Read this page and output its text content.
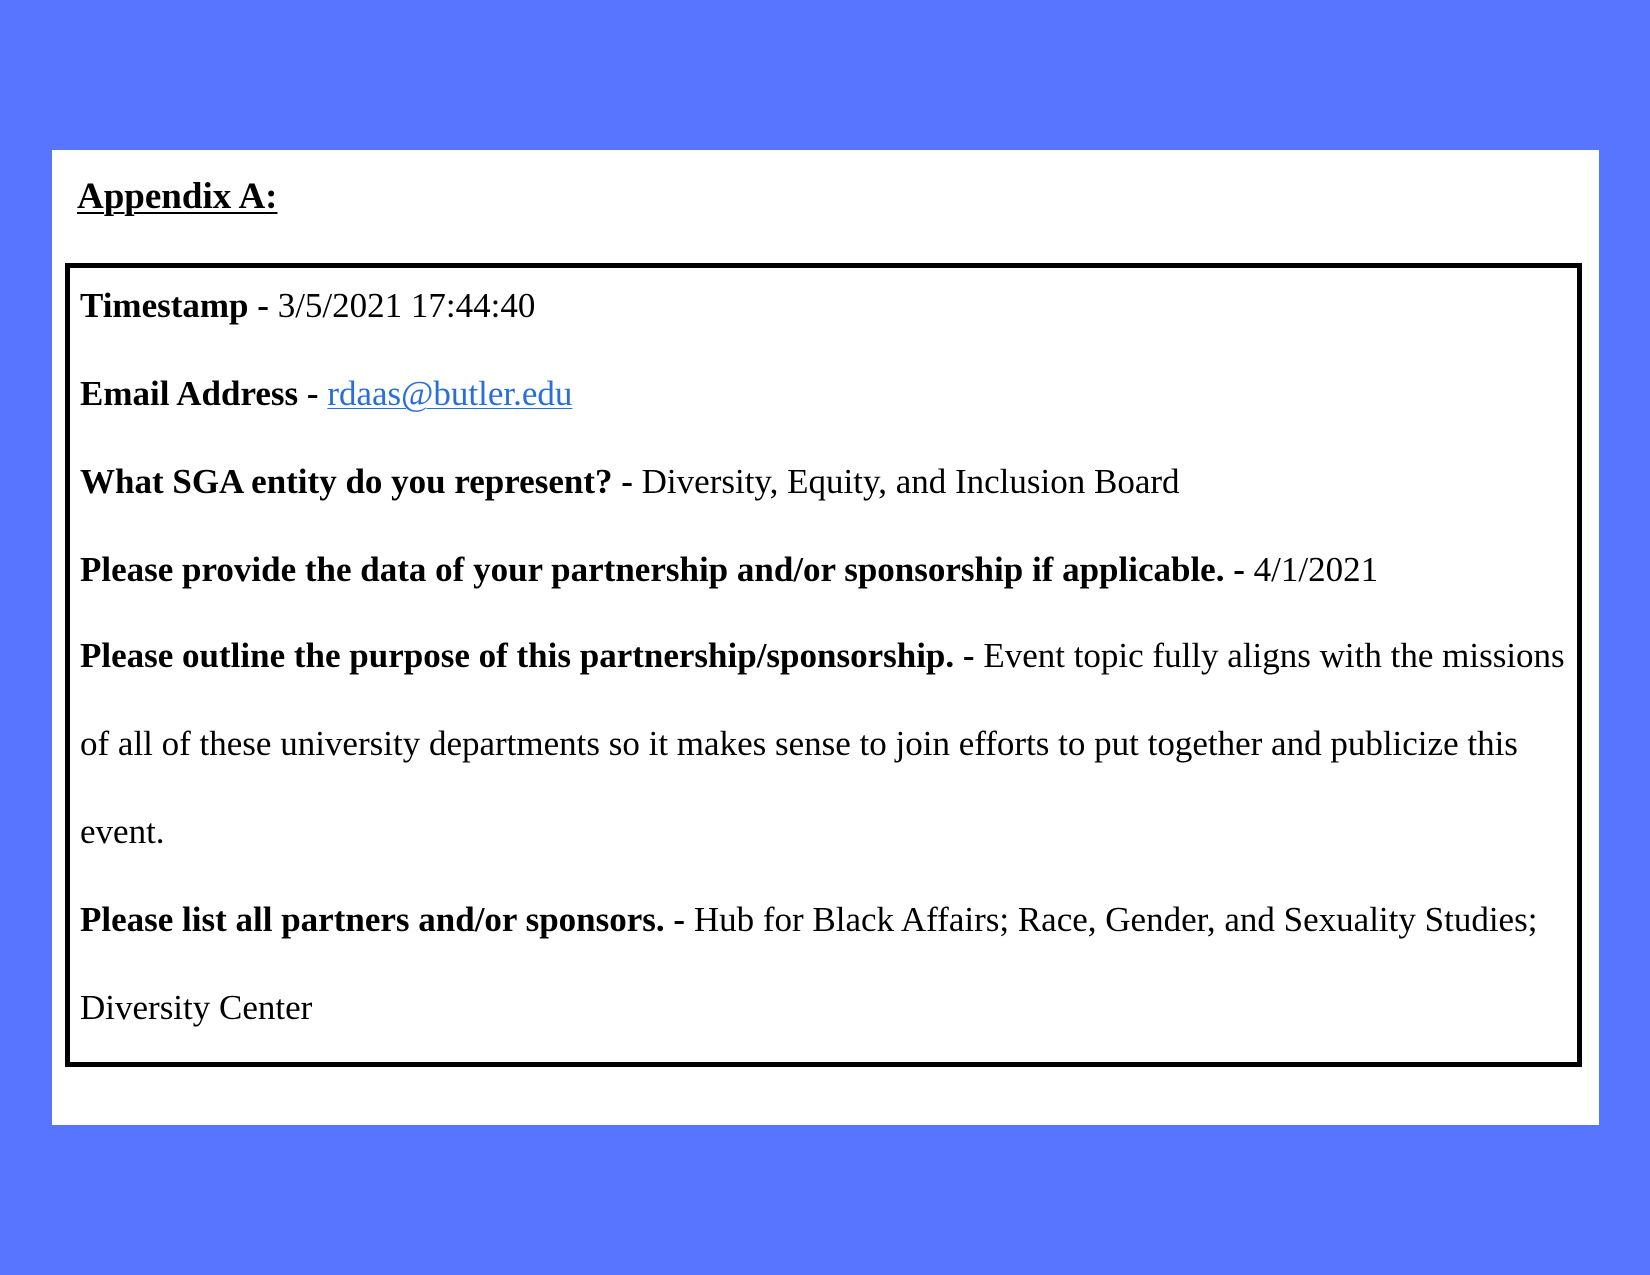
Appendix A:

Timestamp - 3/5/2021 17:44:40

Email Address - rdaas@butler.edu

What SGA entity do you represent? - Diversity, Equity, and Inclusion Board

Please provide the data of your partnership and/or sponsorship if applicable. - 4/1/2021

Please outline the purpose of this partnership/sponsorship. - Event topic fully aligns with the missions of all of these university departments so it makes sense to join efforts to put together and publicize this event.

Please list all partners and/or sponsors. - Hub for Black Affairs; Race, Gender, and Sexuality Studies; Diversity Center
